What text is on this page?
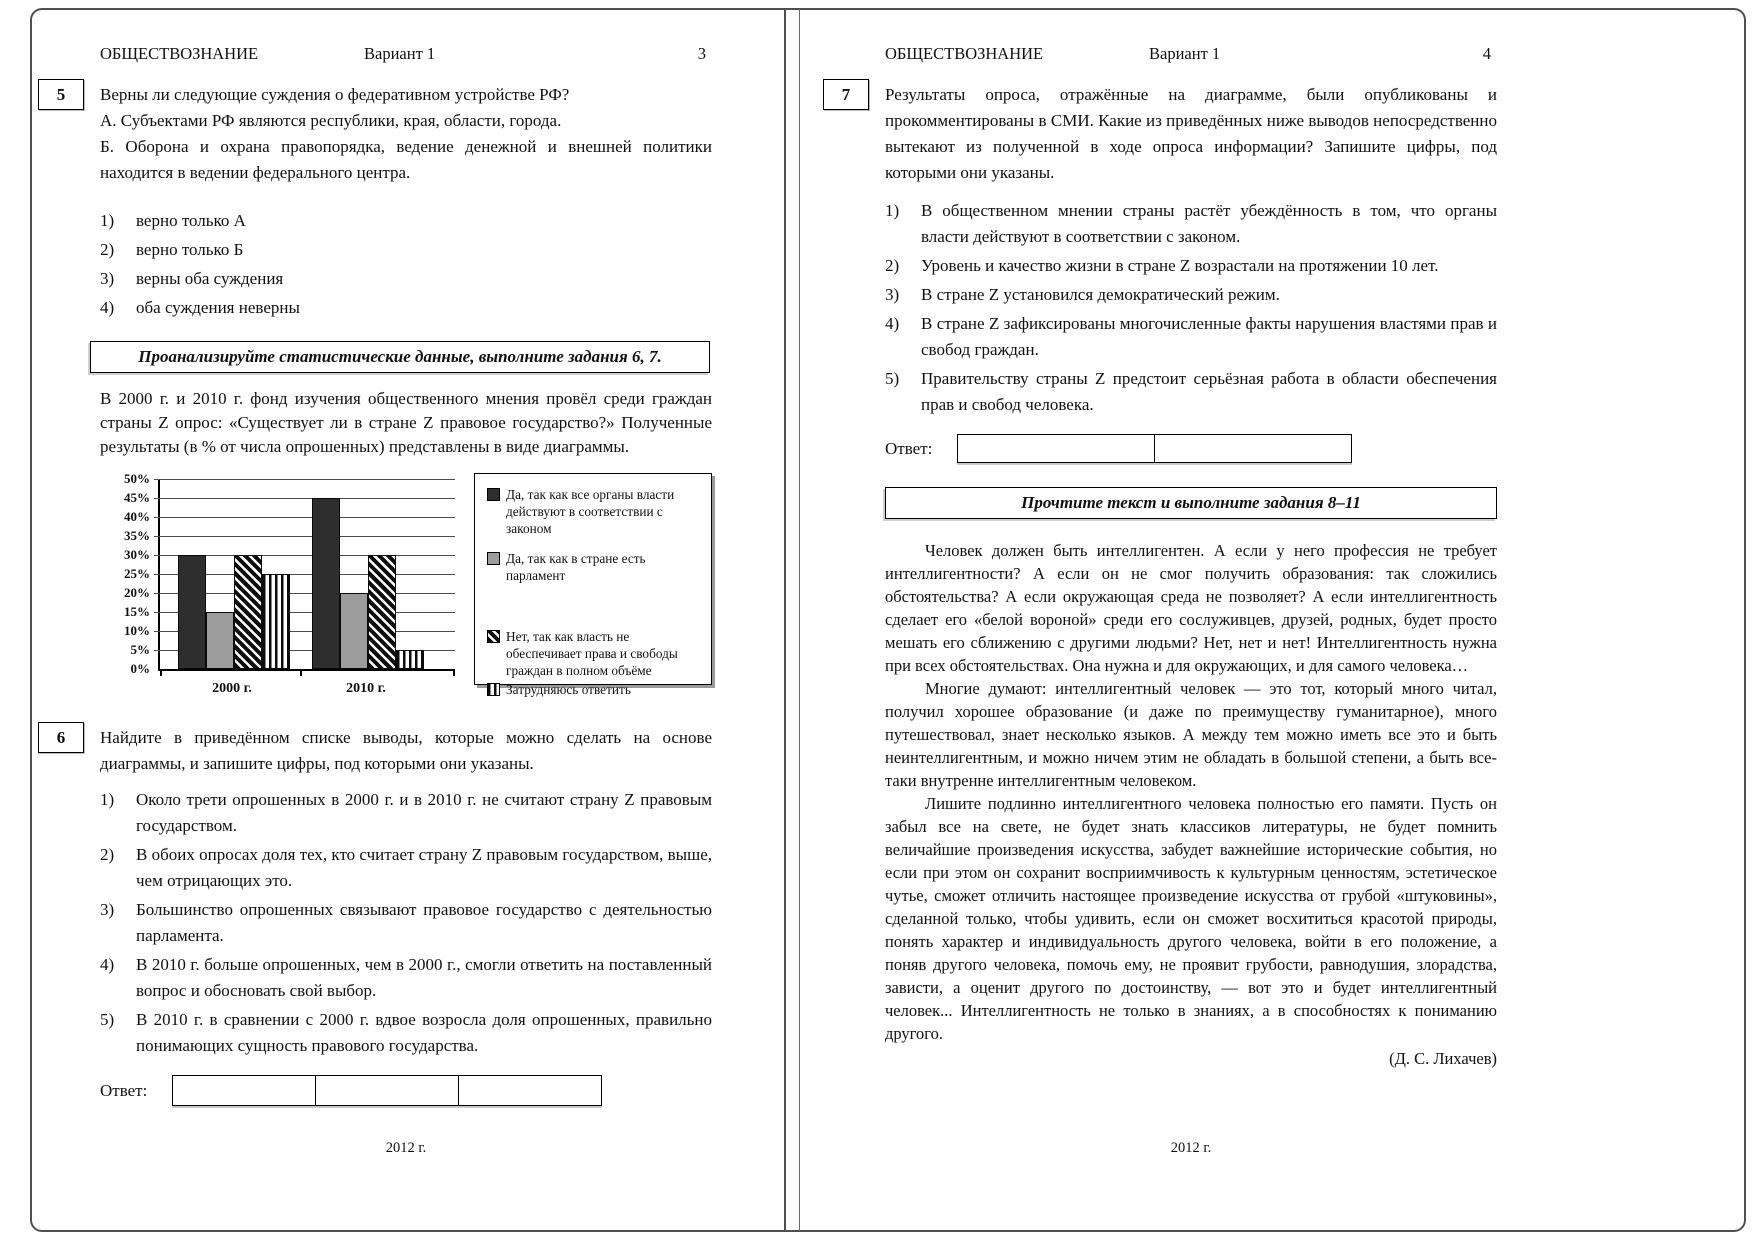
ОБЩЕСТВОЗНАНИЕ	Вариант 1	3
5 Верны ли следующие суждения о федеративном устройстве РФ?
А. Субъектами РФ являются республики, края, области, города.
Б. Оборона и охрана правопорядка, ведение денежной и внешней политики находится в ведении федерального центра.
1)	верно только А
2)	верно только Б
3)	верны оба суждения
4)	оба суждения неверны
Проанализируйте статистические данные, выполните задания 6, 7.
В 2000 г. и 2010 г. фонд изучения общественного мнения провёл среди граждан страны Z опрос: «Существует ли в стране Z правовое государство?» Полученные результаты (в % от числа опрошенных) представлены в виде диаграммы.
0%
5%
10%
15%
20%
25%
30%
35%
40%
45%
50%
2000 г.	2010 г.
Да, так как все органы власти действуют в соответствии с законом
Да, так как в стране есть парламент
Нет, так как власть не обеспечивает права и свободы граждан в полном объёме
Затрудняюсь ответить
6 Найдите в приведённом списке выводы, которые можно сделать на основе диаграммы, и запишите цифры, под которыми они указаны.
1)	Около трети опрошенных в 2000 г. и в 2010 г. не считают страну Z правовым государством.
2)	В обоих опросах доля тех, кто считает страну Z правовым государством, выше, чем отрицающих это.
3)	Большинство опрошенных связывают правовое государство с деятельностью парламента.
4)	В 2010 г. больше опрошенных, чем в 2000 г., смогли ответить на поставленный вопрос и обосновать свой выбор.
5)	В 2010 г. в сравнении с 2000 г. вдвое возросла доля опрошенных, правильно понимающих сущность правового государства.
Ответ:
2012 г.
ОБЩЕСТВОЗНАНИЕ	Вариант 1	4
7 Результаты опроса, отражённые на диаграмме, были опубликованы и прокомментированы в СМИ. Какие из приведённых ниже выводов непосредственно вытекают из полученной в ходе опроса информации? Запишите цифры, под которыми они указаны.
1)	В общественном мнении страны растёт убеждённость в том, что органы власти действуют в соответствии с законом.
2)	Уровень и качество жизни в стране Z возрастали на протяжении 10 лет.
3)	В стране Z установился демократический режим.
4)	В стране Z зафиксированы многочисленные факты нарушения властями прав и свобод граждан.
5)	Правительству страны Z предстоит серьёзная работа в области обеспечения прав и свобод человека.
Ответ:
Прочтите текст и выполните задания 8–11

Человек должен быть интеллигентен. А если у него профессия не требует интеллигентности? А если он не смог получить образования: так сложились обстоятельства? А если окружающая среда не позволяет? А если интеллигентность сделает его «белой вороной» среди его сослуживцев, друзей, родных, будет просто мешать его сближению с другими людьми? Нет, нет и нет! Интеллигентность нужна при всех обстоятельствах. Она нужна и для окружающих, и для самого человека…

Многие думают: интеллигентный человек — это тот, который много читал, получил хорошее образование (и даже по преимуществу гуманитарное), много путешествовал, знает несколько языков. А между тем можно иметь все это и быть неинтеллигентным, и можно ничем этим не обладать в большой степени, а быть все-таки внутренне интеллигентным человеком.

Лишите подлинно интеллигентного человека полностью его памяти. Пусть он забыл все на свете, не будет знать классиков литературы, не будет помнить величайшие произведения искусства, забудет важнейшие исторические события, но если при этом он сохранит восприимчивость к культурным ценностям, эстетическое чутье, сможет отличить настоящее произведение искусства от грубой «штуковины», сделанной только, чтобы удивить, если он сможет восхититься красотой природы, понять характер и индивидуальность другого человека, войти в его положение, а поняв другого человека, помочь ему, не проявит грубости, равнодушия, злорадства, зависти, а оценит другого по достоинству, — вот это и будет интеллигентный человек... Интеллигентность не только в знаниях, а в способностях к пониманию другого.

(Д. С. Лихачев)
2012 г.
